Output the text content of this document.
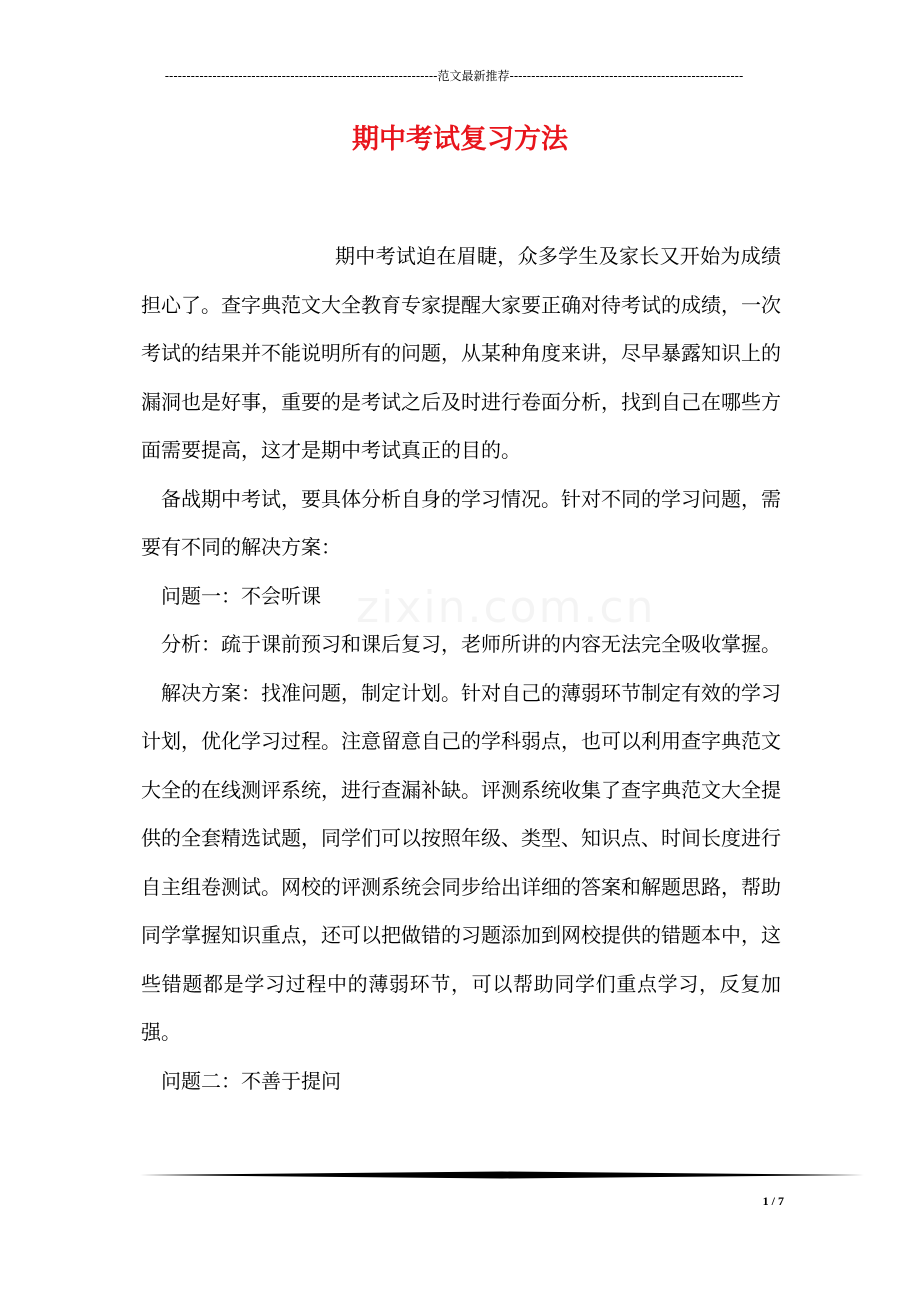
---------------------------------------------------------------范文最新推荐------------------------------------------------------
期中考试复习方法

期中考试迫在眉睫，众多学生及家长又开始为成绩担心了。查字典范文大全教育专家提醒大家要正确对待考试的成绩，一次考试的结果并不能说明所有的问题，从某种角度来讲，尽早暴露知识上的漏洞也是好事，重要的是考试之后及时进行卷面分析，找到自己在哪些方面需要提高，这才是期中考试真正的目的。

备战期中考试，要具体分析自身的学习情况。针对不同的学习问题，需要有不同的解决方案：

问题一：不会听课

分析：疏于课前预习和课后复习，老师所讲的内容无法完全吸收掌握。

解决方案：找准问题，制定计划。针对自己的薄弱环节制定有效的学习计划，优化学习过程。注意留意自己的学科弱点，也可以利用查字典范文大全的在线测评系统，进行查漏补缺。评测系统收集了查字典范文大全提供的全套精选试题，同学们可以按照年级、类型、知识点、时间长度进行自主组卷测试。网校的评测系统会同步给出详细的答案和解题思路，帮助同学掌握知识重点，还可以把做错的习题添加到网校提供的错题本中，这些错题都是学习过程中的薄弱环节，可以帮助同学们重点学习，反复加强。

问题二：不善于提问

1 / 7
